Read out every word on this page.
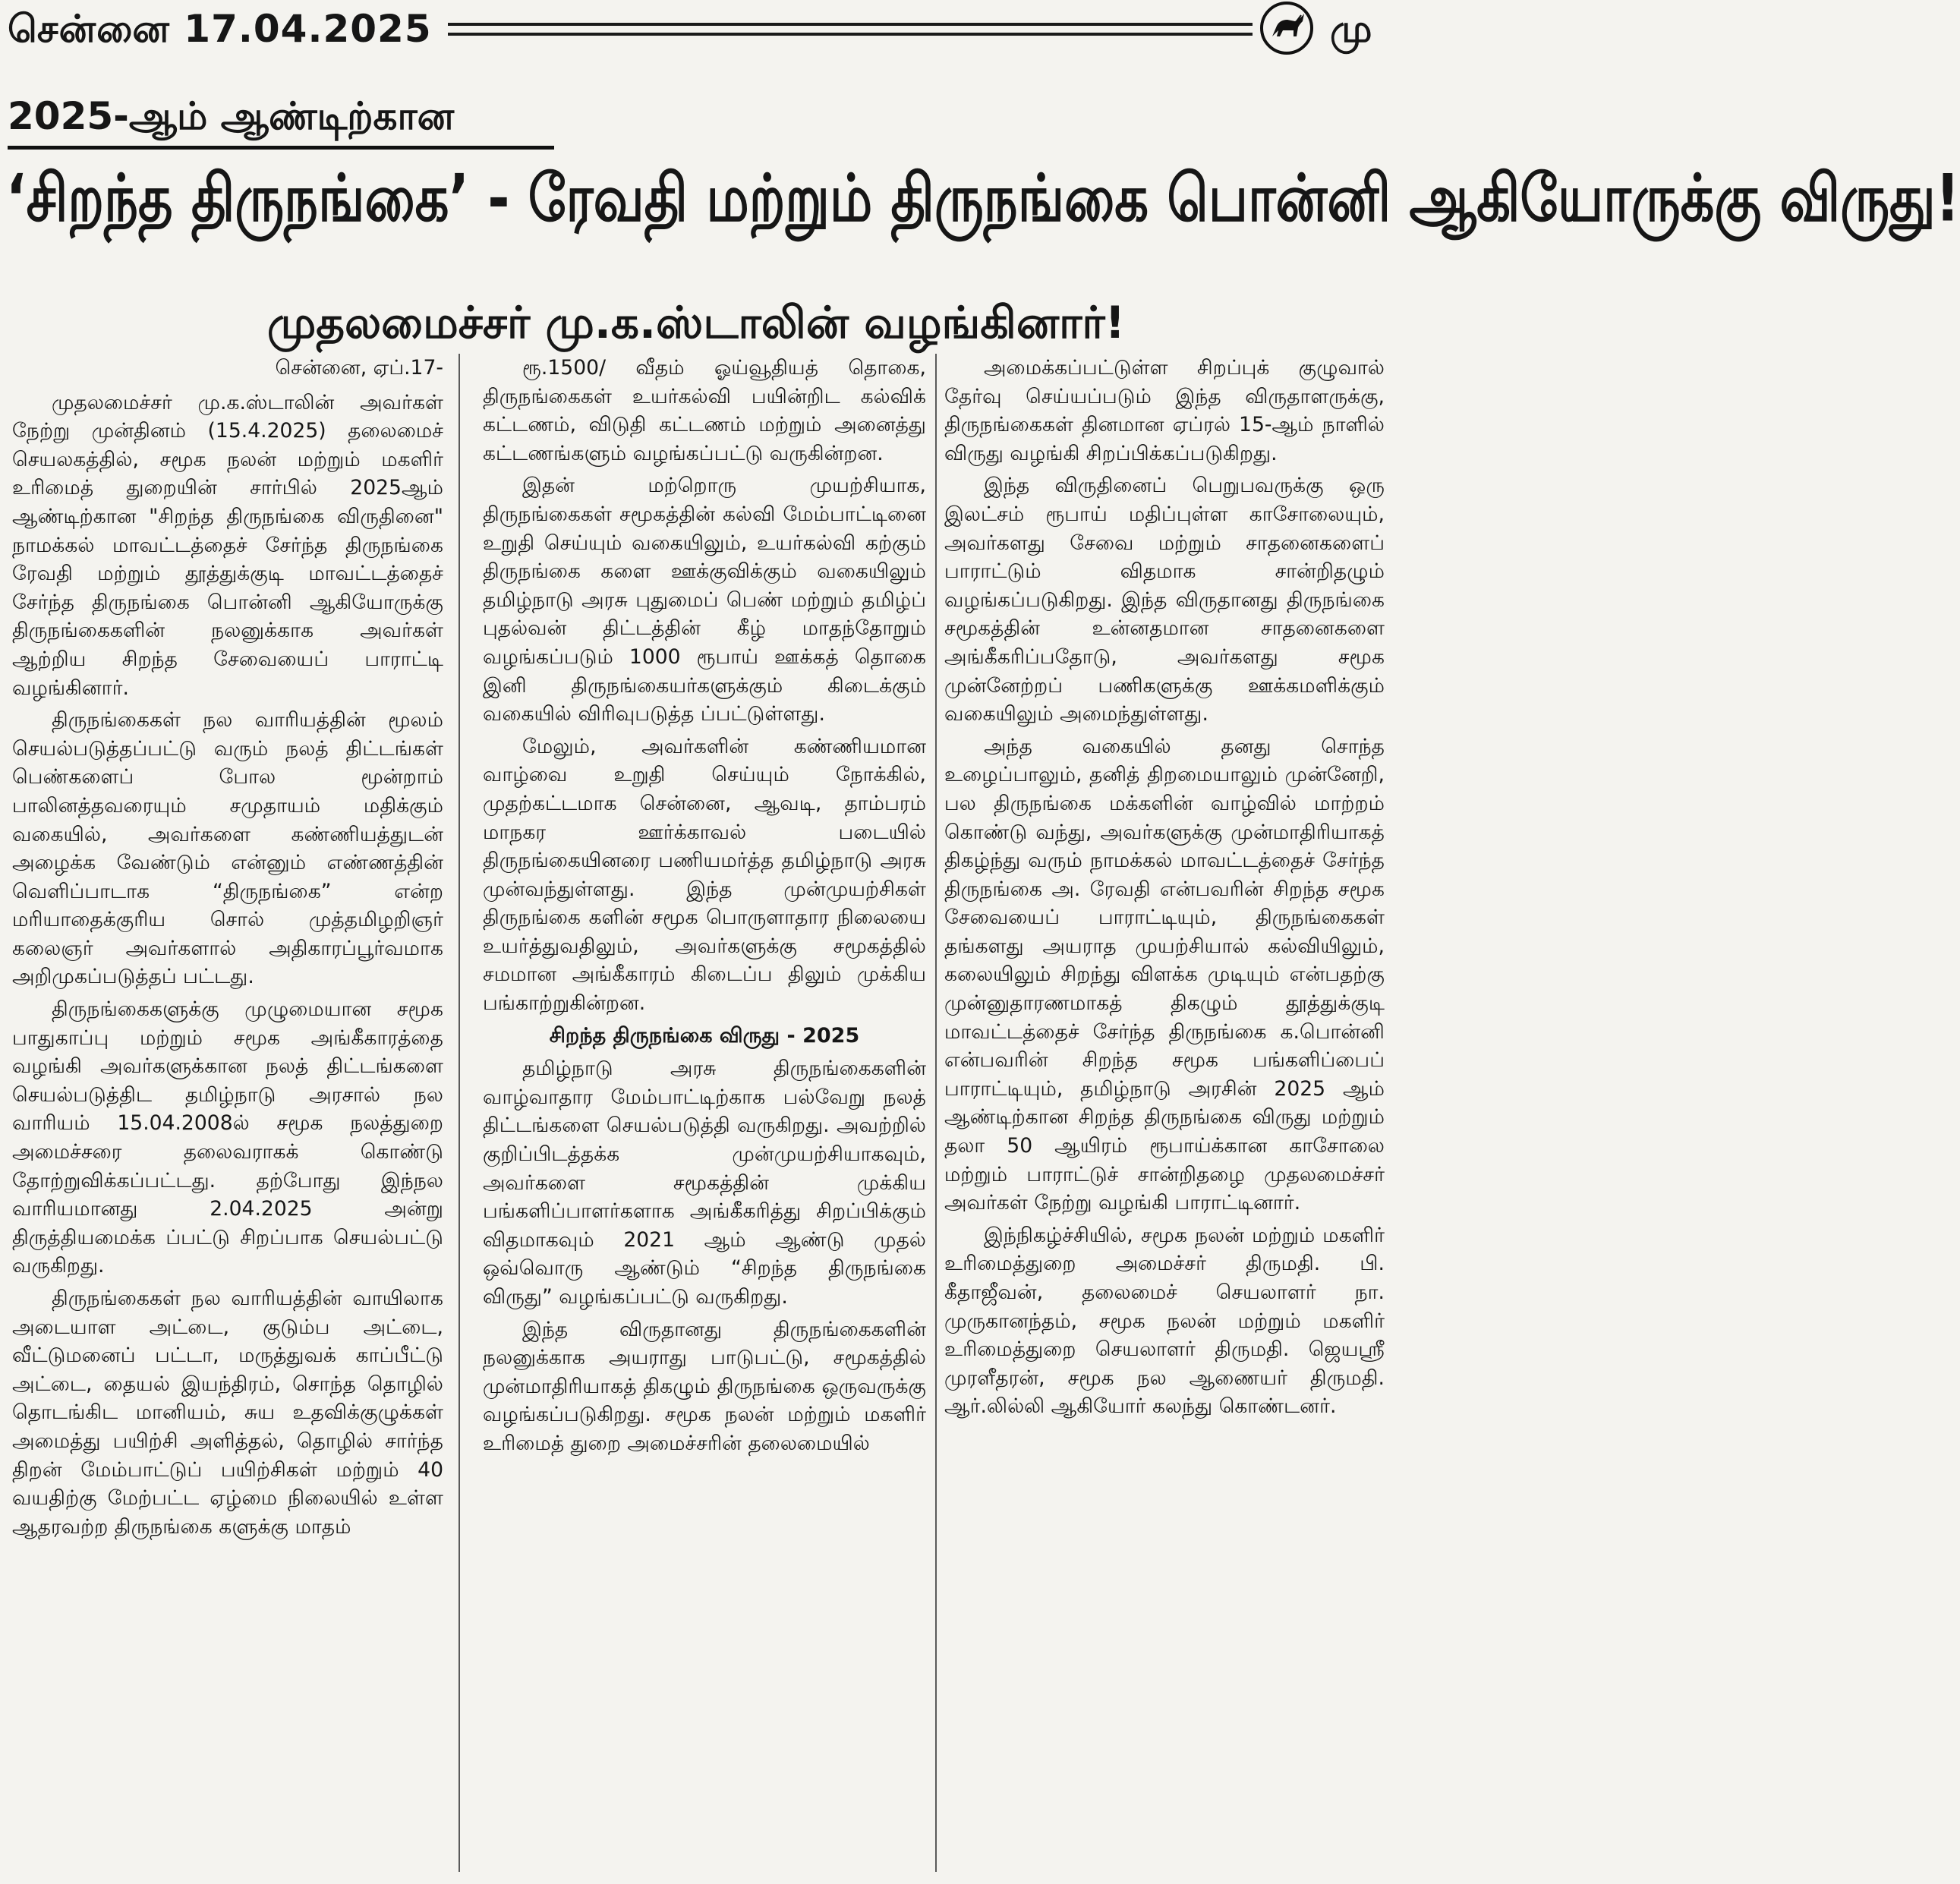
சென்னை 17.04.2025	மு
2025-ஆம் ஆண்டிற்கான
‘சிறந்த திருநங்கை’ - ரேவதி மற்றும் திருநங்கை பொன்னி ஆகியோருக்கு விருது!
முதலமைச்சர் மு.க.ஸ்டாலின் வழங்கினார்!
சென்னை, ஏப்.17-

முதலமைச்சர் மு.க.ஸ்டாலின் அவர்கள் நேற்று முன்தினம் (15.4.2025) தலைமைச் செயலகத்தில், சமூக நலன் மற்றும் மகளிர் உரிமைத் துறையின் சார்பில் 2025ஆம் ஆண்டிற்கான "சிறந்த திருநங்கை விருதினை" நாமக்கல் மாவட்டத்தைச் சேர்ந்த திருநங்கை ரேவதி மற்றும் தூத்துக்குடி மாவட்டத்தைச் சேர்ந்த திருநங்கை பொன்னி ஆகியோருக்கு திருநங்கைகளின் நலனுக்காக அவர்கள் ஆற்றிய சிறந்த சேவையைப் பாராட்டி வழங்கினார்.

திருநங்கைகள் நல வாரியத்தின் மூலம் செயல்படுத்தப்பட்டு வரும் நலத் திட்டங்கள் பெண்களைப் போல மூன்றாம் பாலினத்தவரையும் சமுதாயம் மதிக்கும் வகையில், அவர்களை கண்ணியத்துடன் அழைக்க வேண்டும் என்னும் எண்ணத்தின் வெளிப்பாடாக “திருநங்கை” என்ற மரியாதைக்குரிய சொல் முத்தமிழறிஞர் கலைஞர் அவர்களால் அதிகாரப்பூர்வமாக அறிமுகப்படுத்தப் பட்டது.

திருநங்கைகளுக்கு முழுமையான சமூக பாதுகாப்பு மற்றும் சமூக அங்கீகாரத்தை வழங்கி அவர்களுக்கான நலத் திட்டங்களை செயல்படுத்திட தமிழ்நாடு அரசால் நல வாரியம் 15.04.2008ல் சமூக நலத்துறை அமைச்சரை தலைவராகக் கொண்டு தோற்றுவிக்கப்பட்டது. தற்போது இந்நல வாரியமானது 2.04.2025 அன்று திருத்தியமைக்க ப்பட்டு சிறப்பாக செயல்பட்டு வருகிறது.

திருநங்கைகள் நல வாரியத்தின் வாயிலாக அடையாள அட்டை, குடும்ப அட்டை, வீட்டுமனைப் பட்டா, மருத்துவக் காப்பீட்டு அட்டை, தையல் இயந்திரம், சொந்த தொழில் தொடங்கிட மானியம், சுய உதவிக்குழுக்கள் அமைத்து பயிற்சி அளித்தல், தொழில் சார்ந்த திறன் மேம்பாட்டுப் பயிற்சிகள் மற்றும் 40 வயதிற்கு மேற்பட்ட ஏழ்மை நிலையில் உள்ள ஆதரவற்ற திருநங்கை களுக்கு மாதம்

ரூ.1500/ வீதம் ஓய்வூதியத் தொகை, திருநங்கைகள் உயர்கல்வி பயின்றிட கல்விக் கட்டணம், விடுதி கட்டணம் மற்றும் அனைத்து கட்டணங்களும் வழங்கப்பட்டு வருகின்றன.

இதன் மற்றொரு முயற்சியாக, திருநங்கைகள் சமூகத்தின் கல்வி மேம்பாட்டினை உறுதி செய்யும் வகையிலும், உயர்கல்வி கற்கும் திருநங்கை களை ஊக்குவிக்கும் வகையிலும் தமிழ்நாடு அரசு புதுமைப் பெண் மற்றும் தமிழ்ப் புதல்வன் திட்டத்தின் கீழ் மாதந்தோறும் வழங்கப்படும் 1000 ரூபாய் ஊக்கத் தொகை இனி திருநங்கையர்களுக்கும் கிடைக்கும் வகையில் விரிவுபடுத்த ப்பட்டுள்ளது.

மேலும், அவர்களின் கண்ணியமான வாழ்வை உறுதி செய்யும் நோக்கில், முதற்கட்டமாக சென்னை, ஆவடி, தாம்பரம் மாநகர ஊர்க்காவல் படையில் திருநங்கையினரை பணியமர்த்த தமிழ்நாடு அரசு முன்வந்துள்ளது. இந்த முன்முயற்சிகள் திருநங்கை களின் சமூக பொருளாதார நிலையை உயர்த்துவதிலும், அவர்களுக்கு சமூகத்தில் சமமான அங்கீகாரம் கிடைப்ப திலும் முக்கிய பங்காற்றுகின்றன.

சிறந்த திருநங்கை விருது - 2025

தமிழ்நாடு அரசு திருநங்கைகளின் வாழ்வாதார மேம்பாட்டிற்காக பல்வேறு நலத் திட்டங்களை செயல்படுத்தி வருகிறது. அவற்றில் குறிப்பிடத்தக்க முன்முயற்சியாகவும், அவர்களை சமூகத்தின் முக்கிய பங்களிப்பாளர்களாக அங்கீகரித்து சிறப்பிக்கும் விதமாகவும் 2021 ஆம் ஆண்டு முதல் ஒவ்வொரு ஆண்டும் “சிறந்த திருநங்கை விருது” வழங்கப்பட்டு வருகிறது.

இந்த விருதானது திருநங்கைகளின் நலனுக்காக அயராது பாடுபட்டு, சமூகத்தில் முன்மாதிரியாகத் திகழும் திருநங்கை ஒருவருக்கு வழங்கப்படுகிறது. சமூக நலன் மற்றும் மகளிர் உரிமைத் துறை அமைச்சரின் தலைமையில்

அமைக்கப்பட்டுள்ள சிறப்புக் குழுவால் தேர்வு செய்யப்படும் இந்த விருதாளருக்கு, திருநங்கைகள் தினமான ஏப்ரல் 15-ஆம் நாளில் விருது வழங்கி சிறப்பிக்கப்படுகிறது.

இந்த விருதினைப் பெறுபவருக்கு ஒரு இலட்சம் ரூபாய் மதிப்புள்ள காசோலையும், அவர்களது சேவை மற்றும் சாதனைகளைப் பாராட்டும் விதமாக சான்றிதழும் வழங்கப்படுகிறது. இந்த விருதானது திருநங்கை சமூகத்தின் உன்னதமான சாதனைகளை அங்கீகரிப்பதோடு, அவர்களது சமூக முன்னேற்றப் பணிகளுக்கு ஊக்கமளிக்கும் வகையிலும் அமைந்துள்ளது.

அந்த வகையில் தனது சொந்த உழைப்பாலும், தனித் திறமையாலும் முன்னேறி, பல திருநங்கை மக்களின் வாழ்வில் மாற்றம் கொண்டு வந்து, அவர்களுக்கு முன்மாதிரியாகத் திகழ்ந்து வரும் நாமக்கல் மாவட்டத்தைச் சேர்ந்த திருநங்கை அ. ரேவதி என்பவரின் சிறந்த சமூக சேவையைப் பாராட்டியும், திருநங்கைகள் தங்களது அயராத முயற்சியால் கல்வியிலும், கலையிலும் சிறந்து விளக்க முடியும் என்பதற்கு முன்னுதாரணமாகத் திகழும் தூத்துக்குடி மாவட்டத்தைச் சேர்ந்த திருநங்கை க.பொன்னி என்பவரின் சிறந்த சமூக பங்களிப்பைப் பாராட்டியும், தமிழ்நாடு அரசின் 2025 ஆம் ஆண்டிற்கான சிறந்த திருநங்கை விருது மற்றும் தலா 50 ஆயிரம் ரூபாய்க்கான காசோலை மற்றும் பாராட்டுச் சான்றிதழை முதலமைச்சர் அவர்கள் நேற்று வழங்கி பாராட்டினார்.

இந்நிகழ்ச்சியில், சமூக நலன் மற்றும் மகளிர் உரிமைத்துறை அமைச்சர் திருமதி. பி. கீதாஜீவன், தலைமைச் செயலாளர் நா. முருகானந்தம், சமூக நலன் மற்றும் மகளிர் உரிமைத்துறை செயலாளர் திருமதி. ஜெயஸ்ரீ முரளீதரன், சமூக நல ஆணையர் திருமதி. ஆர்.லில்லி ஆகியோர் கலந்து கொண்டனர்.
